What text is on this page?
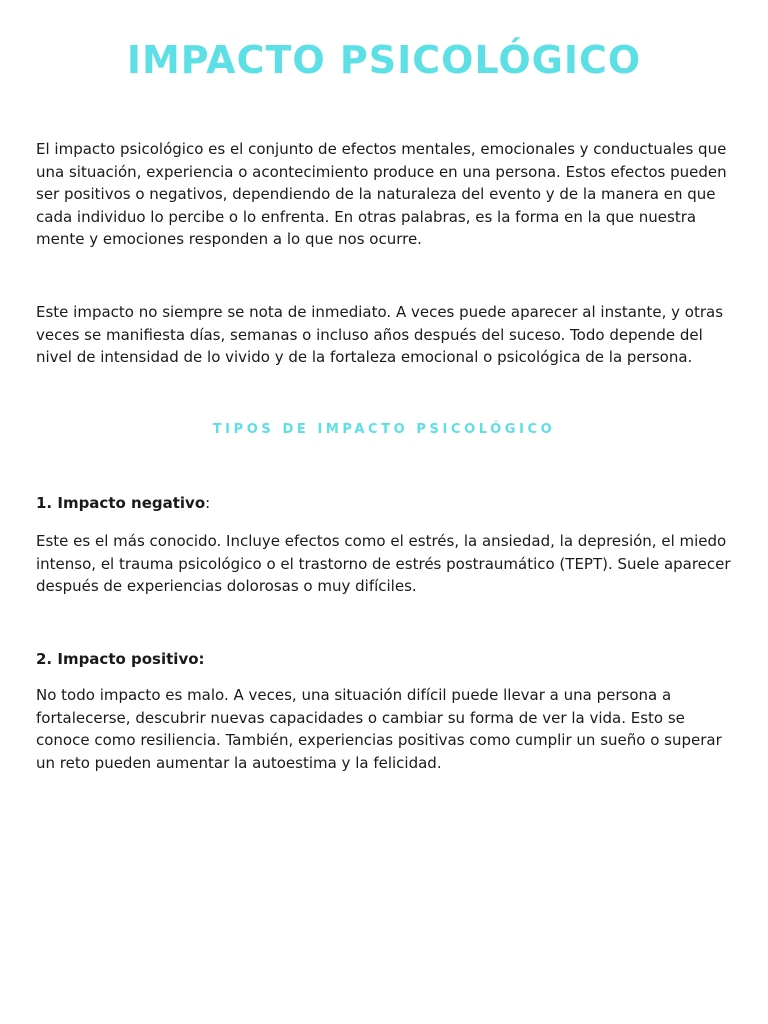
IMPACTO PSICOLÓGICO

El impacto psicológico es el conjunto de efectos mentales, emocionales y conductuales que una situación, experiencia o acontecimiento produce en una persona. Estos efectos pueden ser positivos o negativos, dependiendo de la naturaleza del evento y de la manera en que cada individuo lo percibe o lo enfrenta. En otras palabras, es la forma en la que nuestra mente y emociones responden a lo que nos ocurre.

Este impacto no siempre se nota de inmediato. A veces puede aparecer al instante, y otras veces se manifiesta días, semanas o incluso años después del suceso. Todo depende del nivel de intensidad de lo vivido y de la fortaleza emocional o psicológica de la persona.

TIPOS DE IMPACTO PSICOLÓGICO

1. Impacto negativo:

Este es el más conocido. Incluye efectos como el estrés, la ansiedad, la depresión, el miedo intenso, el trauma psicológico o el trastorno de estrés postraumático (TEPT). Suele aparecer después de experiencias dolorosas o muy difíciles.

2. Impacto positivo:

No todo impacto es malo. A veces, una situación difícil puede llevar a una persona a fortalecerse, descubrir nuevas capacidades o cambiar su forma de ver la vida. Esto se conoce como resiliencia. También, experiencias positivas como cumplir un sueño o superar un reto pueden aumentar la autoestima y la felicidad.
